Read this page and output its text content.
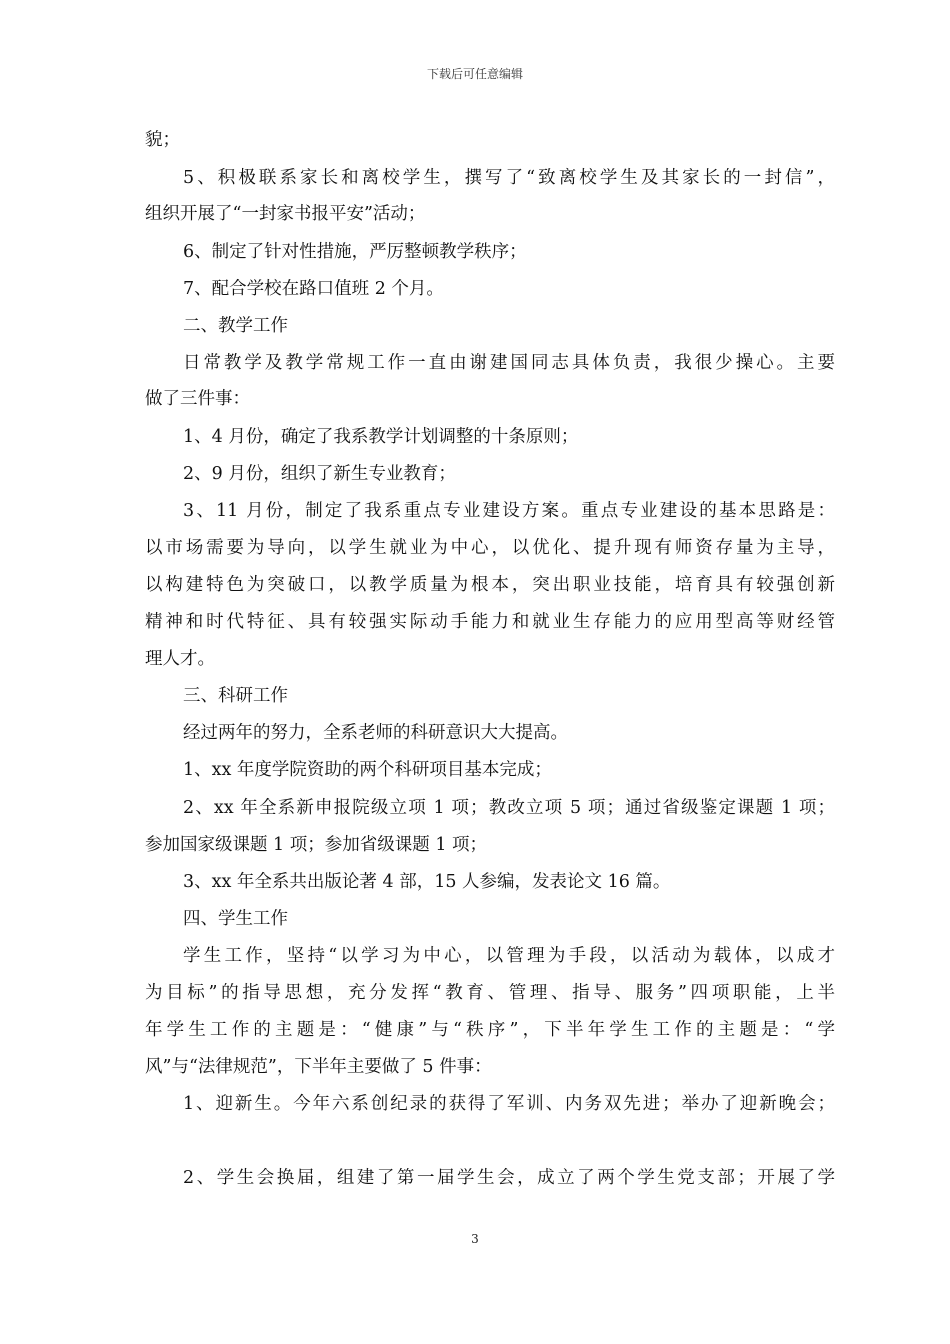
下载后可任意编辑
貌；
5、积极联系家长和离校学生，撰写了“致离校学生及其家长的一封信”，
组织开展了“一封家书报平安”活动；
6、制定了针对性措施，严厉整顿教学秩序；
7、配合学校在路口值班 2 个月。
二、教学工作
日常教学及教学常规工作一直由谢建国同志具体负责，我很少操心。主要
做了三件事：
1、4 月份，确定了我系教学计划调整的十条原则；
2、9 月份，组织了新生专业教育；
3、11 月份，制定了我系重点专业建设方案。重点专业建设的基本思路是：
以市场需要为导向，以学生就业为中心，以优化、提升现有师资存量为主导，
以构建特色为突破口，以教学质量为根本，突出职业技能，培育具有较强创新
精神和时代特征、具有较强实际动手能力和就业生存能力的应用型高等财经管
理人才。
三、科研工作
经过两年的努力，全系老师的科研意识大大提高。
1、xx 年度学院资助的两个科研项目基本完成；
2、xx 年全系新申报院级立项 1 项；教改立项 5 项；通过省级鉴定课题 1 项；
参加国家级课题 1 项；参加省级课题 1 项；
3、xx 年全系共出版论著 4 部，15 人参编，发表论文 16 篇。
四、学生工作
学生工作，坚持“以学习为中心，以管理为手段，以活动为载体，以成才
为目标”的指导思想，充分发挥“教育、管理、指导、服务”四项职能，上半
年学生工作的主题是：“健康”与“秩序”，下半年学生工作的主题是：“学
风”与“法律规范”，下半年主要做了 5 件事：
1、迎新生。今年六系创纪录的获得了军训、内务双先进；举办了迎新晚会；
2、学生会换届，组建了第一届学生会，成立了两个学生党支部；开展了学
3
